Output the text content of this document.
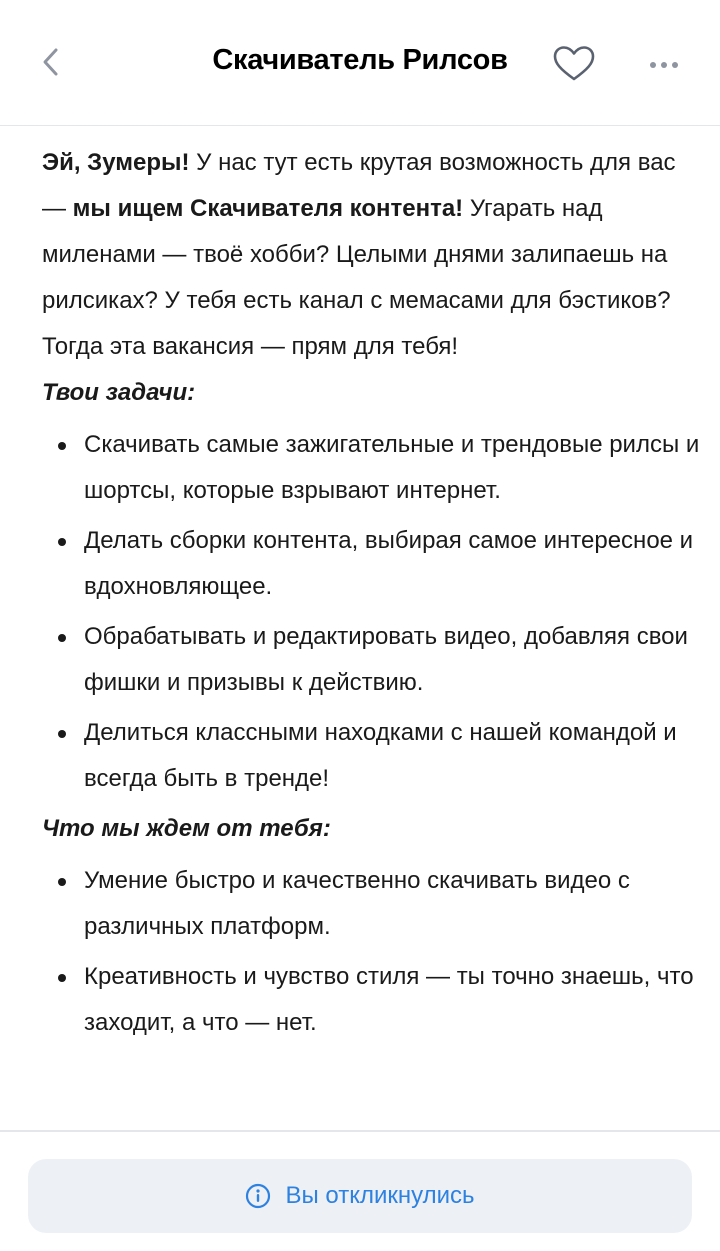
Скачиватель Рилсов

Эй, Зумеры! У нас тут есть крутая возможность для вас — мы ищем Скачивателя контента! Угарать над миленами — твоё хобби? Целыми днями залипаешь на рилсиках? У тебя есть канал с мемасами для бэстиков?

Тогда эта вакансия — прям для тебя!

Твои задачи:

Скачивать самые зажигательные и трендовые рилсы и шортсы, которые взрывают интернет.
Делать сборки контента, выбирая самое интересное и вдохновляющее.
Обрабатывать и редактировать видео, добавляя свои фишки и призывы к действию.
Делиться классными находками с нашей командой и всегда быть в тренде!

Что мы ждем от тебя:

Умение быстро и качественно скачивать видео с различных платформ.
Креативность и чувство стиля — ты точно знаешь, что заходит, а что — нет.
Вы откликнулись
